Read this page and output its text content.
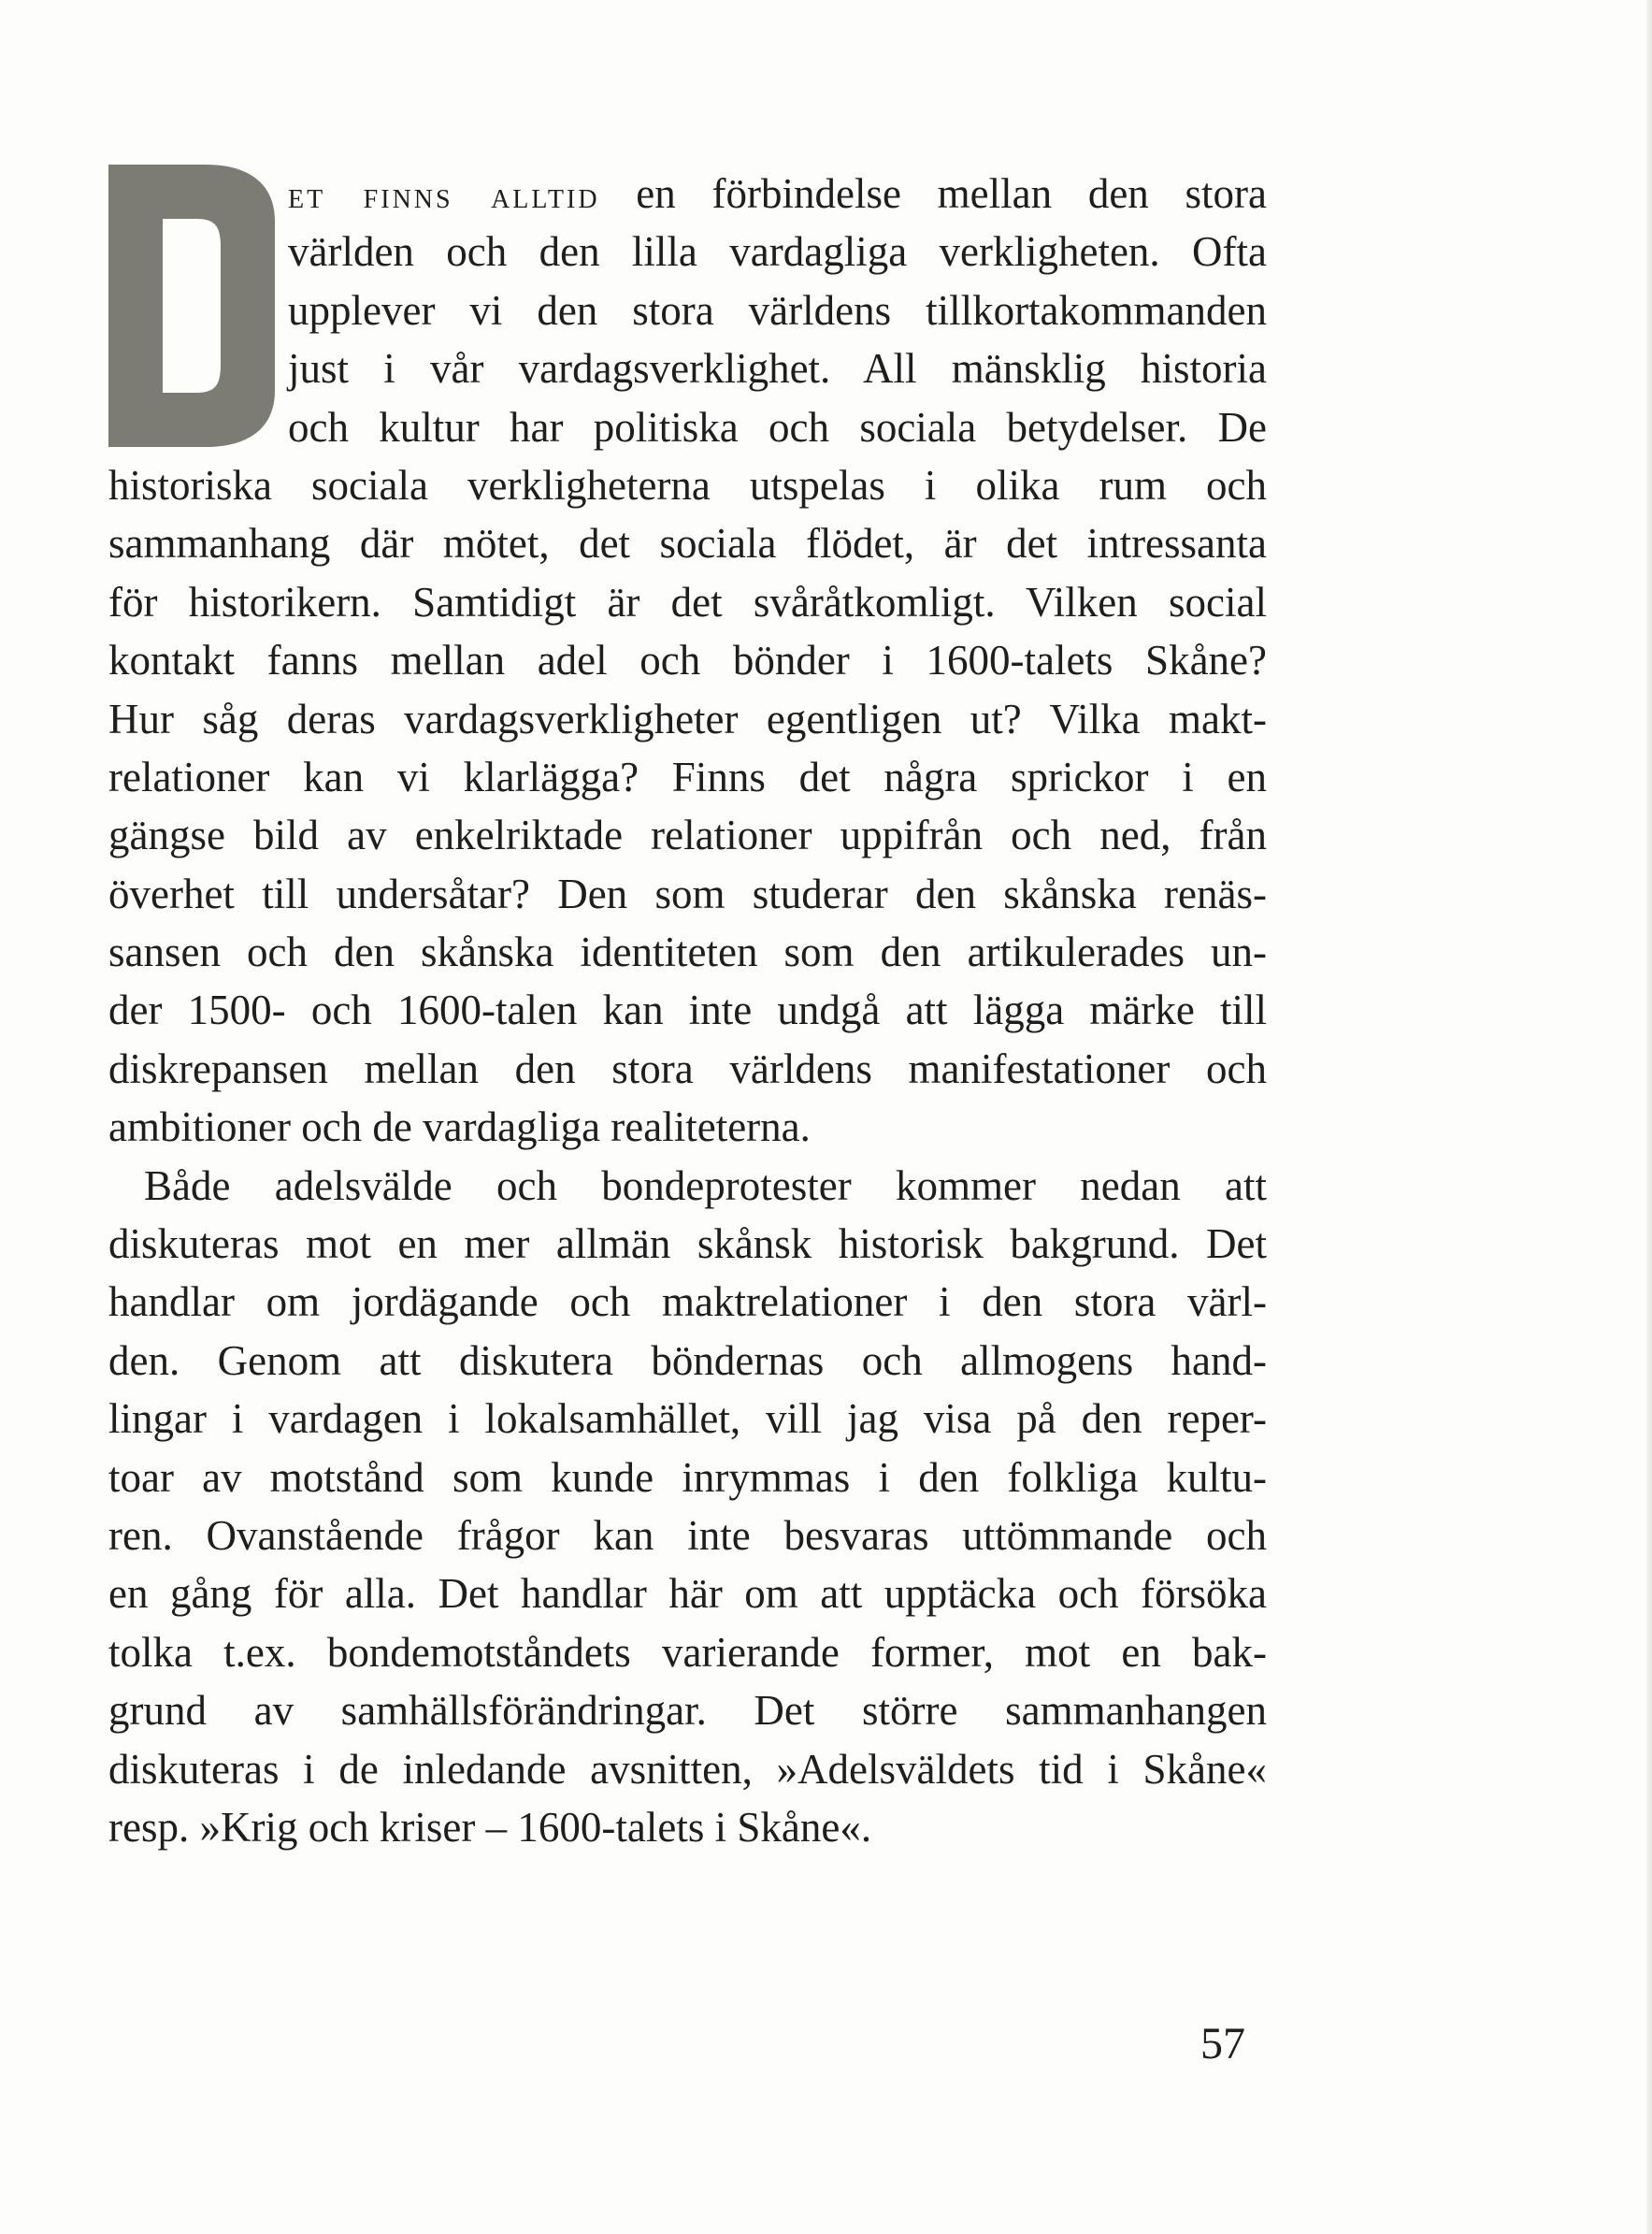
et finns alltid en förbindelse mellan den stora
världen och den lilla vardagliga verkligheten. Ofta
upplever vi den stora världens tillkortakommanden
just i vår vardagsverklighet. All mänsklig historia
och kultur har politiska och sociala betydelser. De
historiska sociala verkligheterna utspelas i olika rum och
sammanhang där mötet, det sociala flödet, är det intressanta
för historikern. Samtidigt är det svåråtkomligt. Vilken social
kontakt fanns mellan adel och bönder i 1600-talets Skåne?
Hur såg deras vardagsverkligheter egentligen ut? Vilka makt-
relationer kan vi klarlägga? Finns det några sprickor i en
gängse bild av enkelriktade relationer uppifrån och ned, från
överhet till undersåtar? Den som studerar den skånska renäs-
sansen och den skånska identiteten som den artikulerades un-
der 1500- och 1600-talen kan inte undgå att lägga märke till
diskrepansen mellan den stora världens manifestationer och
ambitioner och de vardagliga realiteterna.
Både adelsvälde och bondeprotester kommer nedan att
diskuteras mot en mer allmän skånsk historisk bakgrund. Det
handlar om jordägande och maktrelationer i den stora värl-
den. Genom att diskutera böndernas och allmogens hand-
lingar i vardagen i lokalsamhället, vill jag visa på den reper-
toar av motstånd som kunde inrymmas i den folkliga kultu-
ren. Ovanstående frågor kan inte besvaras uttömmande och
en gång för alla. Det handlar här om att upptäcka och försöka
tolka t.ex. bondemotståndets varierande former, mot en bak-
grund av samhällsförändringar. Det större sammanhangen
diskuteras i de inledande avsnitten, »Adelsväldets tid i Skåne«
resp. »Krig och kriser – 1600-talets i Skåne«.
57
